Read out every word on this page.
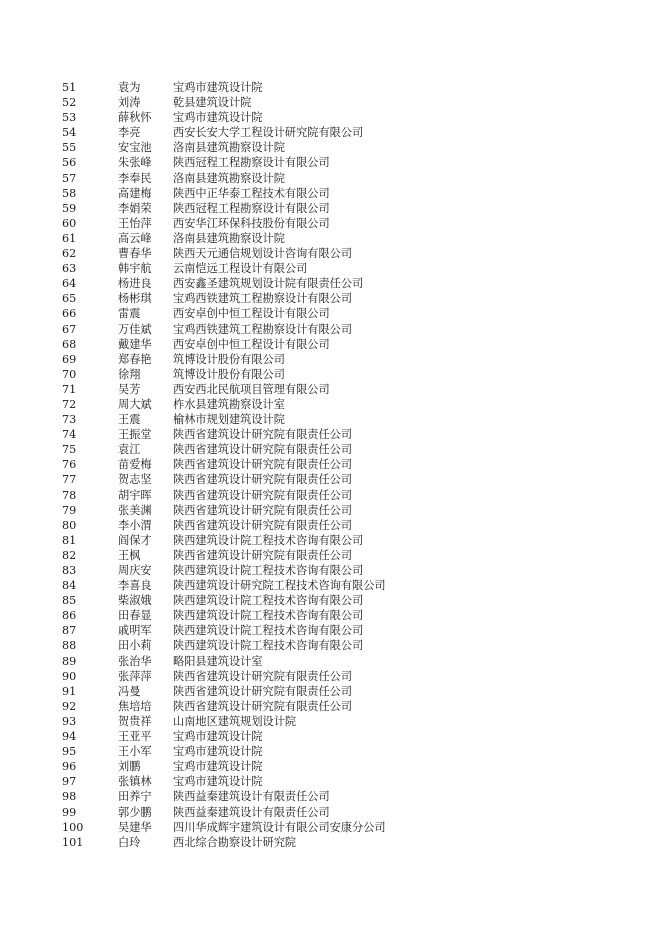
51	袁为	宝鸡市建筑设计院
52	刘涛	乾县建筑设计院
53	薛秋怀 宝鸡市建筑设计院
54	李亮	西安长安大学工程设计研究院有限公司
55	安宝池 洛南县建筑勘察设计院
56	朱张峰 陕西冠程工程勘察设计有限公司
57	李奉民 洛南县建筑勘察设计院
58	高建梅 陕西中正华泰工程技术有限公司
59	李娟荣 陕西冠程工程勘察设计有限公司
60	王怡萍 西安华江环保科技股份有限公司
61	高云峰 洛南县建筑勘察设计院
62	曹春华 陕西天元通信规划设计咨询有限公司
63	韩宇航 云南恺远工程设计有限公司
64	杨进良 西安鑫圣建筑规划设计院有限责任公司
65	杨彬琪 宝鸡西铁建筑工程勘察设计有限公司
66	雷震	西安卓创中恒工程设计有限公司
67	万佳斌 宝鸡西铁建筑工程勘察设计有限公司
68	戴建华 西安卓创中恒工程设计有限公司
69	郑春艳 筑博设计股份有限公司
70	徐翔	筑博设计股份有限公司
71	吴芳	西安西北民航项目管理有限公司
72	周大斌 柞水县建筑勘察设计室
73	王震	榆林市规划建筑设计院
74	王振堂 陕西省建筑设计研究院有限责任公司
75	袁江	陕西省建筑设计研究院有限责任公司
76	苗爱梅 陕西省建筑设计研究院有限责任公司
77	贺志坚 陕西省建筑设计研究院有限责任公司
78	胡宇晖 陕西省建筑设计研究院有限责任公司
79	张美渊 陕西省建筑设计研究院有限责任公司
80	李小渭 陕西省建筑设计研究院有限责任公司
81	阎保才 陕西建筑设计院工程技术咨询有限公司
82	王枫	陕西省建筑设计研究院有限责任公司
83	周庆安 陕西建筑设计院工程技术咨询有限公司
84	李喜良 陕西建筑设计研究院工程技术咨询有限公司
85	柴淑娥 陕西建筑设计院工程技术咨询有限公司
86	田春显 陕西建筑设计院工程技术咨询有限公司
87	戚明军 陕西建筑设计院工程技术咨询有限公司
88	田小莉 陕西建筑设计院工程技术咨询有限公司
89	张治华 略阳县建筑设计室
90	张萍萍 陕西省建筑设计研究院有限责任公司
91	冯曼	陕西省建筑设计研究院有限责任公司
92	焦培培 陕西省建筑设计研究院有限责任公司
93	贺贵祥 山南地区建筑规划设计院
94	王亚平 宝鸡市建筑设计院
95	王小军 宝鸡市建筑设计院
96	刘鹏	宝鸡市建筑设计院
97	张镇林 宝鸡市建筑设计院
98	田养宁 陕西益秦建筑设计有限责任公司
99	郭少鹏 陕西益秦建筑设计有限责任公司
100	吴建华 四川华成辉宇建筑设计有限公司安康分公司
101	白玲	西北综合勘察设计研究院
